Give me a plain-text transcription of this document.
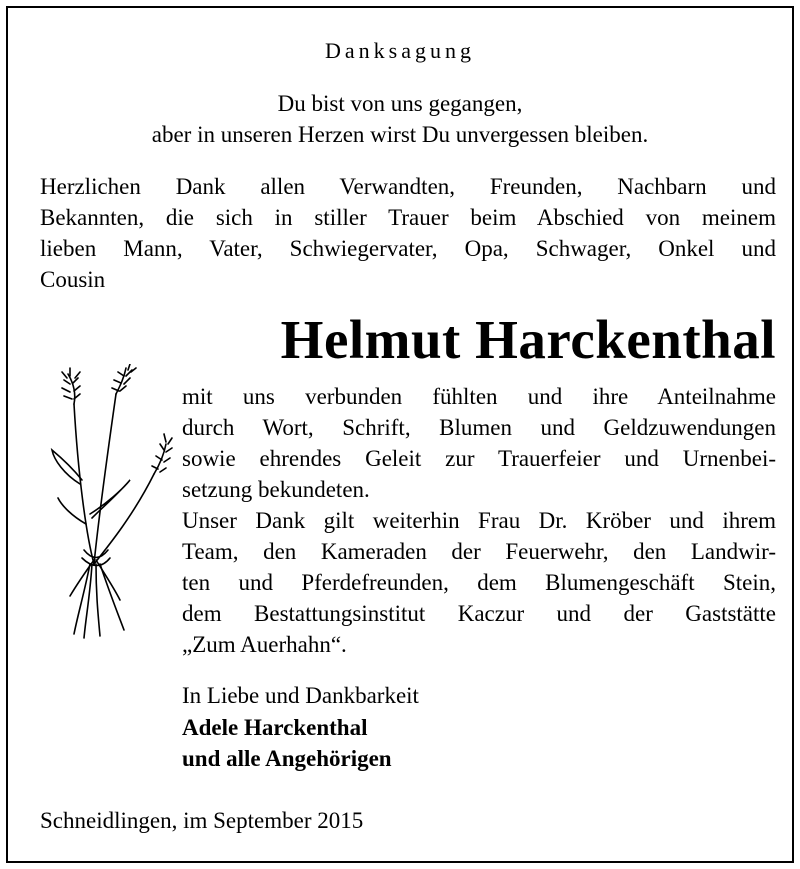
Danksagung
Du bist von uns gegangen,
aber in unseren Herzen wirst Du unvergessen bleiben.
Herzlichen Dank allen Verwandten, Freunden, Nachbarn und
Bekannten, die sich in stiller Trauer beim Abschied von meinem
lieben Mann, Vater, Schwiegervater, Opa, Schwager, Onkel und
Cousin
Helmut Harckenthal
mit uns verbunden fühlten und ihre Anteilnahme
durch Wort, Schrift, Blumen und Geldzuwendungen
sowie ehrendes Geleit zur Trauerfeier und Urnenbei-
setzung bekundeten.
Unser Dank gilt weiterhin Frau Dr. Kröber und ihrem
Team, den Kameraden der Feuerwehr, den Landwir-
ten und Pferdefreunden, dem Blumengeschäft Stein,
dem Bestattungsinstitut Kaczur und der Gaststätte
„Zum Auerhahn“.
In Liebe und Dankbarkeit
Adele Harckenthal
und alle Angehörigen
Schneidlingen, im September 2015
